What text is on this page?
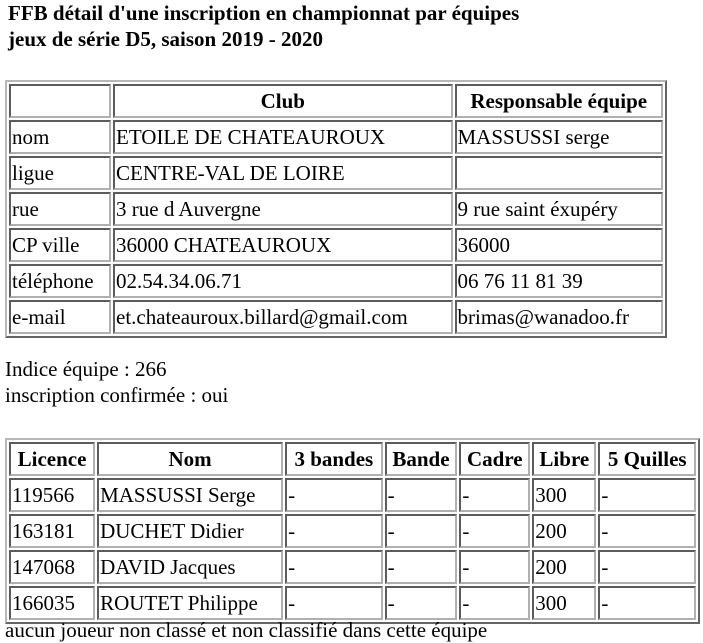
FFB détail d'une inscription en championnat par équipes
jeux de série D5, saison 2019 - 2020
	Club	Responsable équipe
nom	ETOILE DE CHATEAUROUX	MASSUSSI serge
ligue	CENTRE-VAL DE LOIRE	
rue	3 rue d Auvergne	9 rue saint éxupéry
CP ville	36000 CHATEAUROUX	36000
téléphone	02.54.34.06.71	06 76 11 81 39
e-mail	et.chateauroux.billard@gmail.com	brimas@wanadoo.fr
Indice équipe : 266
inscription confirmée : oui
Licence	Nom	3 bandes	Bande	Cadre	Libre	5 Quilles
119566	MASSUSSI Serge	-	-	-	300	-
163181	DUCHET Didier	-	-	-	200	-
147068	DAVID Jacques	-	-	-	200	-
166035	ROUTET Philippe	-	-	-	300	-
aucun joueur non classé et non classifié dans cette équipe
